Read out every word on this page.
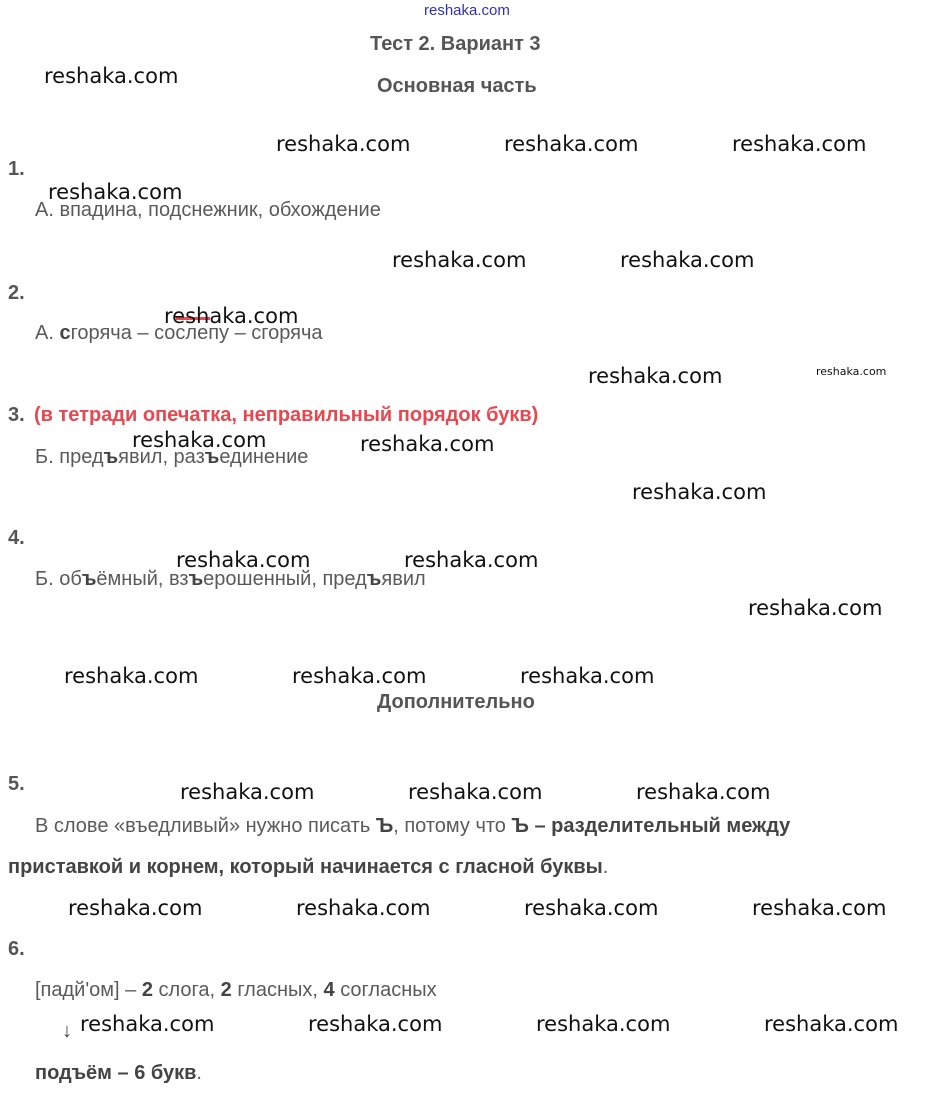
reshaka.com
Тест 2. Вариант 3
Основная часть
1.
А. впадина, подснежник, обхождение
2.
А. сгоряча – сослепу – сгоряча
3. (в тетради опечатка, неправильный порядок букв)
Б. предъявил, разъединение
4.
Б. объёмный, взъерошенный, предъявил
Дополнительно
5.
В слове «въедливый» нужно писать Ъ, потому что Ъ – разделительный между
приставкой и корнем, который начинается с гласной буквы.
6.
[падй'ом] – 2 слога, 2 гласных, 4 согласных
↓
подъём – 6 букв.
reshaka.com
reshaka.com	reshaka.com	reshaka.com
reshaka.com
reshaka.com	reshaka.com
reshaka.com
reshaka.com	reshaka.com
reshaka.com	reshaka.com
reshaka.com
reshaka.com	reshaka.com
reshaka.com
reshaka.com	reshaka.com	reshaka.com
reshaka.com	reshaka.com	reshaka.com
reshaka.com	reshaka.com	reshaka.com	reshaka.com
reshaka.com	reshaka.com	reshaka.com	reshaka.com
